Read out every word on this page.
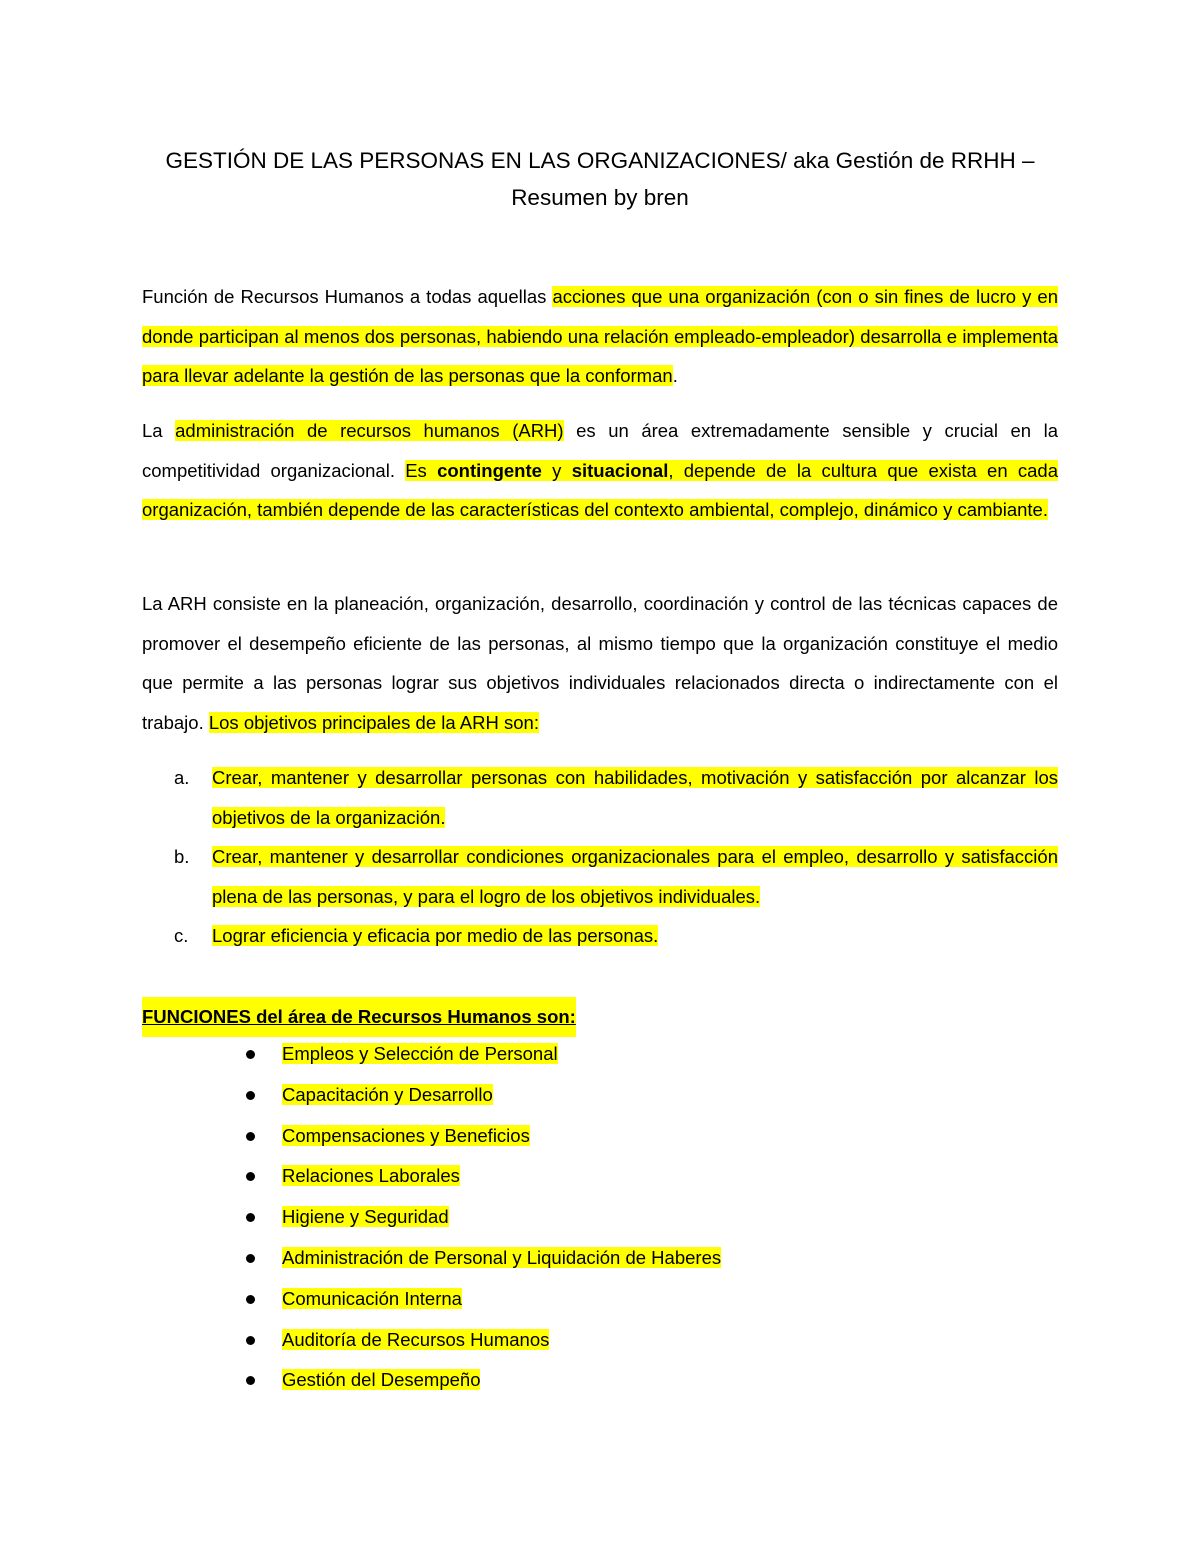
GESTIÓN DE LAS PERSONAS EN LAS ORGANIZACIONES/ aka Gestión de RRHH –
Resumen by bren

Función de Recursos Humanos a todas aquellas acciones que una organización (con o sin fines de lucro y en donde participan al menos dos personas, habiendo una relación empleado-empleador) desarrolla e implementa para llevar adelante la gestión de las personas que la conforman.

La administración de recursos humanos (ARH) es un área extremadamente sensible y crucial en la competitividad organizacional. Es contingente y situacional, depende de la cultura que exista en cada organización, también depende de las características del contexto ambiental, complejo, dinámico y cambiante.

La ARH consiste en la planeación, organización, desarrollo, coordinación y control de las técnicas capaces de promover el desempeño eficiente de las personas, al mismo tiempo que la organización constituye el medio que permite a las personas lograr sus objetivos individuales relacionados directa o indirectamente con el trabajo. Los objetivos principales de la ARH son:

a. Crear, mantener y desarrollar personas con habilidades, motivación y satisfacción por alcanzar los objetivos de la organización.
b. Crear, mantener y desarrollar condiciones organizacionales para el empleo, desarrollo y satisfacción plena de las personas, y para el logro de los objetivos individuales.
c. Lograr eficiencia y eficacia por medio de las personas.
FUNCIONES del área de Recursos Humanos son:
Empleos y Selección de Personal
Capacitación y Desarrollo
Compensaciones y Beneficios
Relaciones Laborales
Higiene y Seguridad
Administración de Personal y Liquidación de Haberes
Comunicación Interna
Auditoría de Recursos Humanos
Gestión del Desempeño
